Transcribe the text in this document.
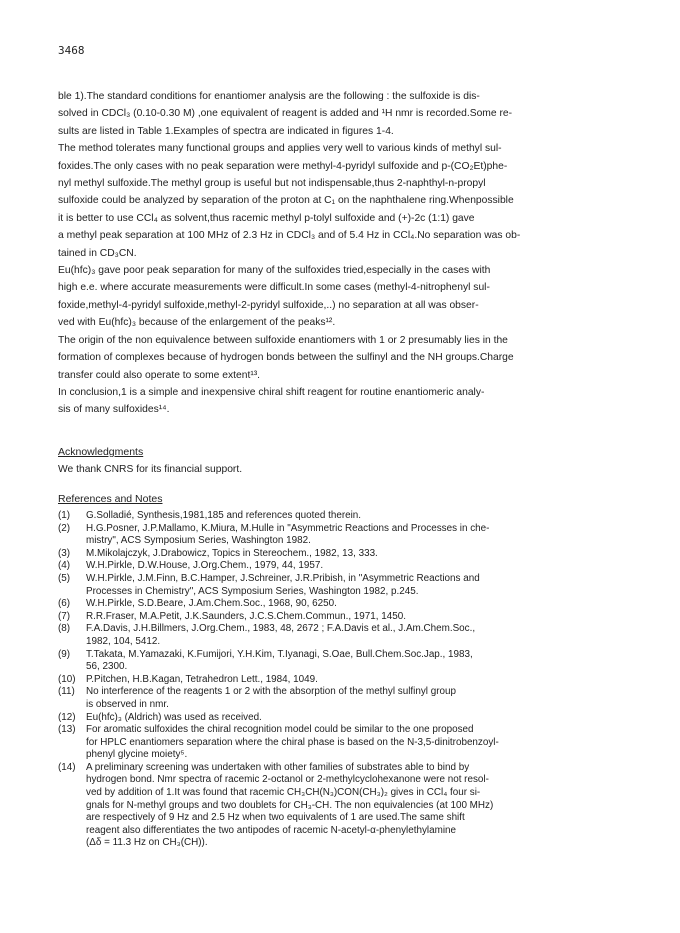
3468

ble 1).The standard conditions for enantiomer analysis are the following : the sulfoxide is dis-

solved in CDCl₃ (0.10-0.30 M) ,one equivalent of reagent is added and ¹H nmr is recorded.Some re-

sults are listed in Table 1.Examples of spectra are indicated in figures 1-4.

The method tolerates many functional groups and applies very well to various kinds of methyl sul-

foxides.The only cases with no peak separation were methyl-4-pyridyl sulfoxide and p-(CO₂Et)phe-

nyl methyl sulfoxide.The methyl group is useful but not indispensable,thus 2-naphthyl-n-propyl

sulfoxide could be analyzed by separation of the proton at C₁ on the naphthalene ring.Whenpossible

it is better to use CCl₄ as solvent,thus racemic methyl p-tolyl sulfoxide and (+)-2c (1:1) gave

a methyl peak separation at 100 MHz of 2.3 Hz in CDCl₃ and of 5.4 Hz in CCl₄.No separation was ob-

tained in CD₃CN.

Eu(hfc)₃ gave poor peak separation for many of the sulfoxides tried,especially in the cases with

high e.e. where accurate measurements were difficult.In some cases (methyl-4-nitrophenyl sul-

foxide,methyl-4-pyridyl sulfoxide,methyl-2-pyridyl sulfoxide,..) no separation at all was obser-

ved with Eu(hfc)₃ because of the enlargement of the peaks¹².

The origin of the non equivalence between sulfoxide enantiomers with 1 or 2 presumably lies in the

formation of complexes because of hydrogen bonds between the sulfinyl and the NH groups.Charge

transfer could also operate to some extent¹³.

In conclusion,1 is a simple and inexpensive chiral shift reagent for routine enantiomeric analy-

sis of many sulfoxides¹⁴.

Acknowledgments
We thank CNRS for its financial support.
References and Notes
(1)	G.Solladié, Synthesis,1981,185 and references quoted therein.
(2)	H.G.Posner, J.P.Mallamo, K.Miura, M.Hulle in "Asymmetric Reactions and Processes in che-
mistry", ACS Symposium Series, Washington 1982.
(3)	M.Mikolajczyk, J.Drabowicz, Topics in Stereochem., 1982, 13, 333.
(4)	W.H.Pirkle, D.W.House, J.Org.Chem., 1979, 44, 1957.
(5)	W.H.Pirkle, J.M.Finn, B.C.Hamper, J.Schreiner, J.R.Pribish, in "Asymmetric Reactions and
Processes in Chemistry", ACS Symposium Series, Washington 1982, p.245.
(6)	W.H.Pirkle, S.D.Beare, J.Am.Chem.Soc., 1968, 90, 6250.
(7)	R.R.Fraser, M.A.Petit, J.K.Saunders, J.C.S.Chem.Commun., 1971, 1450.
(8)	F.A.Davis, J.H.Billmers, J.Org.Chem., 1983, 48, 2672 ; F.A.Davis et al., J.Am.Chem.Soc.,
1982, 104, 5412.
(9)	T.Takata, M.Yamazaki, K.Fumijori, Y.H.Kim, T.Iyanagi, S.Oae, Bull.Chem.Soc.Jap., 1983,
56, 2300.
(10)	P.Pitchen, H.B.Kagan, Tetrahedron Lett., 1984, 1049.
(11)	No interference of the reagents 1 or 2 with the absorption of the methyl sulfinyl group
is observed in nmr.
(12)	Eu(hfc)₃ (Aldrich) was used as received.
(13)	For aromatic sulfoxides the chiral recognition model could be similar to the one proposed
for HPLC enantiomers separation where the chiral phase is based on the N-3,5-dinitrobenzoyl-
phenyl glycine moiety⁵.
(14)	A preliminary screening was undertaken with other families of substrates able to bind by
hydrogen bond. Nmr spectra of racemic 2-octanol or 2-methylcyclohexanone were not resol-
ved by addition of 1.It was found that racemic CH₃CH(N₃)CON(CH₃)₂ gives in CCl₄ four si-
gnals for N-methyl groups and two doublets for CH₃-CH. The non equivalencies (at 100 MHz)
are respectively of 9 Hz and 2.5 Hz when two equivalents of 1 are used.The same shift
reagent also differentiates the two antipodes of racemic N-acetyl-α-phenylethylamine
(Δδ = 11.3 Hz on CH₃(CH)).
